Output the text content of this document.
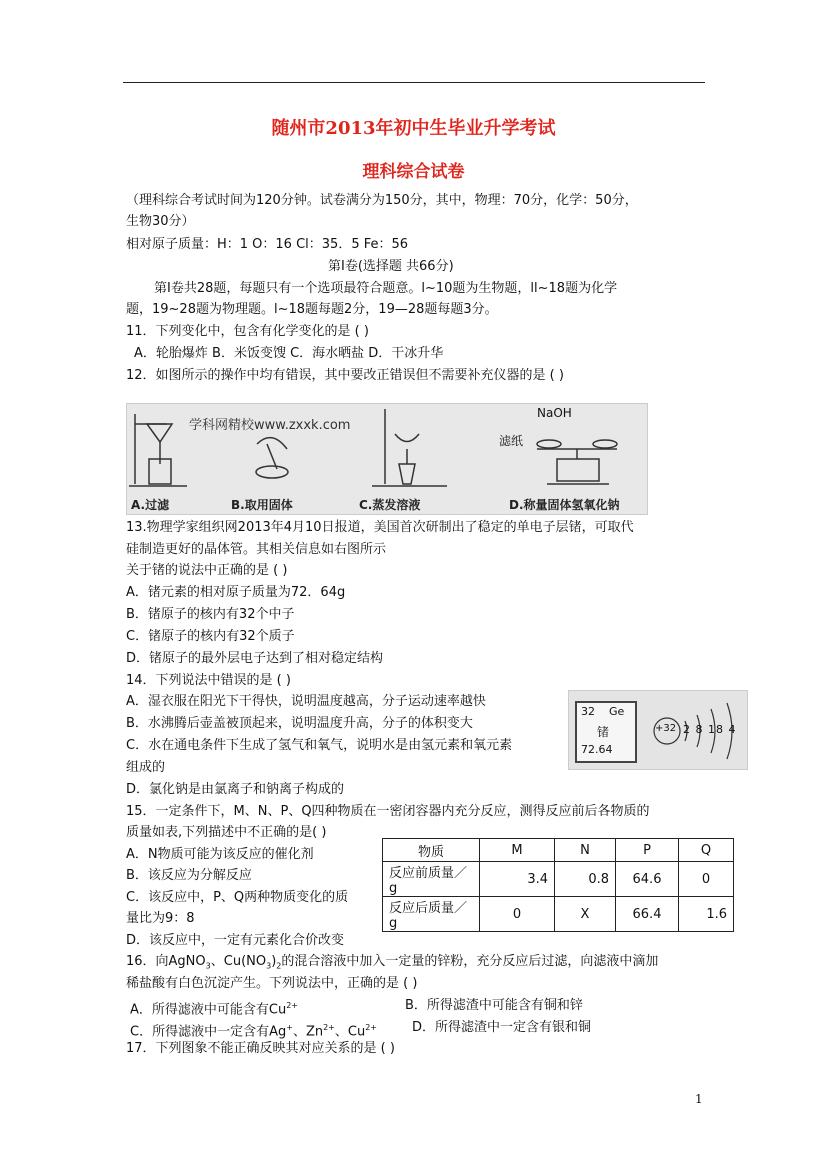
随州市2013年初中生毕业升学考试
理科综合试卷
（理科综合考试时间为120分钟。试卷满分为150分，其中，物理：70分，化学：50分，
生物30分）
相对原子质量：H：1 O：16 Cl：35．5 Fe：56
第Ⅰ卷(选择题 共66分)
第Ⅰ卷共28题，每题只有一个选项最符合题意。l~10题为生物题，ll~18题为化学
题，19~28题为物理题。l~18题每题2分，19—28题每题3分。
11．下列变化中，包含有化学变化的是 ( )
A．轮胎爆炸 B．米饭变馊 C．海水晒盐 D．干冰升华
12．如图所示的操作中均有错误，其中要改正错误但不需要补充仪器的是 ( )
学科网精校www.zxxk.com
NaOH
滤纸
A.过滤	B.取用固体	C.蒸发溶液	D.称量固体氢氧化钠
13.物理学家组织网2013年4月10日报道，美国首次研制出了稳定的单电子层锗，可取代
硅制造更好的晶体管。其相关信息如右图所示
关于锗的说法中正确的是 ( )
A．锗元素的相对原子质量为72．64g
B．锗原子的核内有32个中子
C．锗原子的核内有32个质子
D．锗原子的最外层电子达到了相对稳定结构
32 Ge
锗
72.64
+32 2 8 18 4
14．下列说法中错误的是 ( )
A．湿衣服在阳光下干得快，说明温度越高，分子运动速率越快
B．水沸腾后壶盖被顶起来，说明温度升高，分子的体积变大
C．水在通电条件下生成了氢气和氧气，说明水是由氢元素和氧元素
组成的
D．氯化钠是由氯离子和钠离子构成的
15．一定条件下，M、N、P、Q四种物质在一密闭容器内充分反应，测得反应前后各物质的
质量如表,下列描述中不正确的是( )
A．N物质可能为该反应的催化剂
B．该反应为分解反应
C．该反应中，P、Q两种物质变化的质
量比为9：8
D．该反应中，一定有元素化合价改变
物质	M	N	P	Q
反应前质量／g	3.4	0.8	64.6	0
反应后质量／g	0	X	66.4	1.6
16．向AgNO$_3$、$Cu(NO_3)_2$的混合溶液中加入一定量的锌粉，充分反应后过滤，向滤液中滴加
稀盐酸有白色沉淀产生。下列说法中，正确的是 ( )
A．所得滤液中可能含有$Cu^{2+}$	B．所得滤渣中可能含有铜和锌
C．所得滤液中一定含有Ag+、$Zn^{2+}$、$Cu^{2+}$	D．所得滤渣中一定含有银和铜
17．下列图象不能正确反映其对应关系的是 ( )
1
